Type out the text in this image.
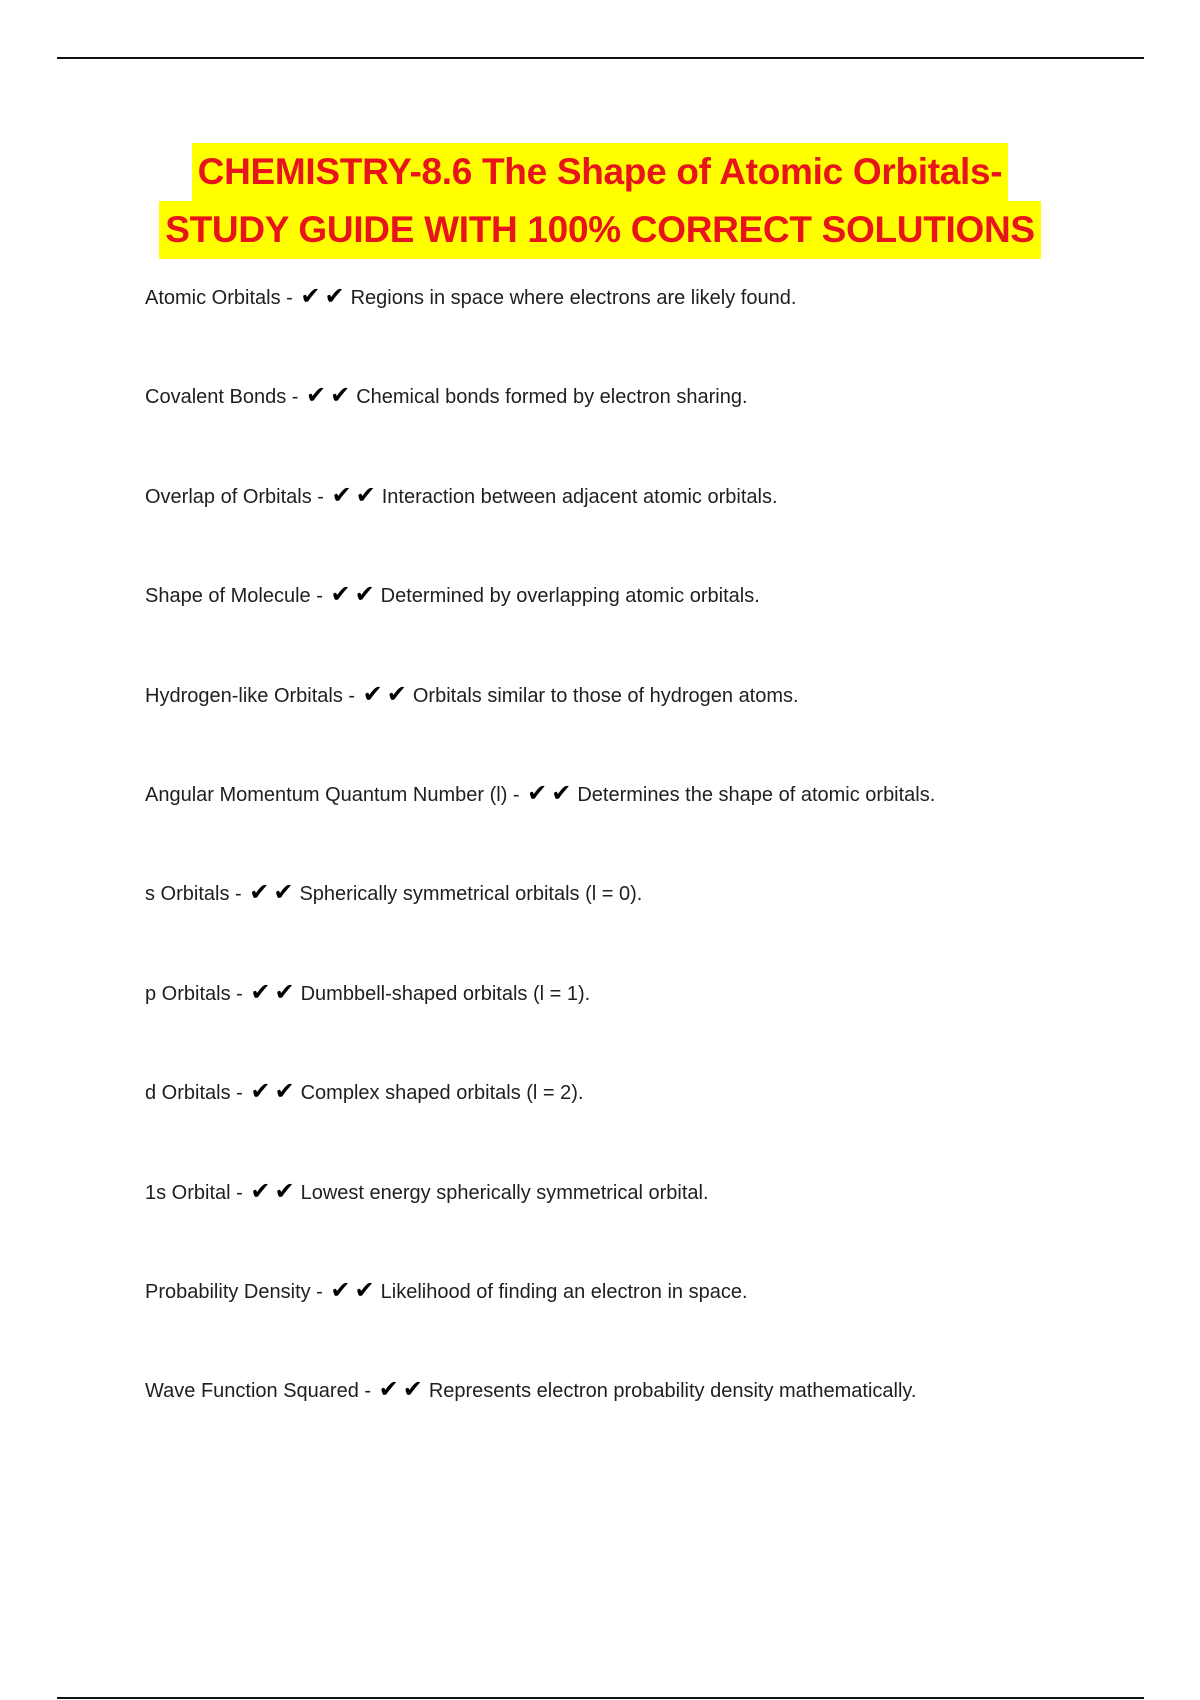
CHEMISTRY-8.6 The Shape of Atomic Orbitals-
STUDY GUIDE WITH 100% CORRECT SOLUTIONS
Atomic Orbitals - ✔✔ Regions in space where electrons are likely found.
Covalent Bonds - ✔✔ Chemical bonds formed by electron sharing.
Overlap of Orbitals - ✔✔ Interaction between adjacent atomic orbitals.
Shape of Molecule - ✔✔ Determined by overlapping atomic orbitals.
Hydrogen-like Orbitals - ✔✔ Orbitals similar to those of hydrogen atoms.
Angular Momentum Quantum Number (l) - ✔✔ Determines the shape of atomic orbitals.
s Orbitals - ✔✔ Spherically symmetrical orbitals (l = 0).
p Orbitals - ✔✔ Dumbbell-shaped orbitals (l = 1).
d Orbitals - ✔✔ Complex shaped orbitals (l = 2).
1s Orbital - ✔✔ Lowest energy spherically symmetrical orbital.
Probability Density - ✔✔ Likelihood of finding an electron in space.
Wave Function Squared - ✔✔ Represents electron probability density mathematically.
